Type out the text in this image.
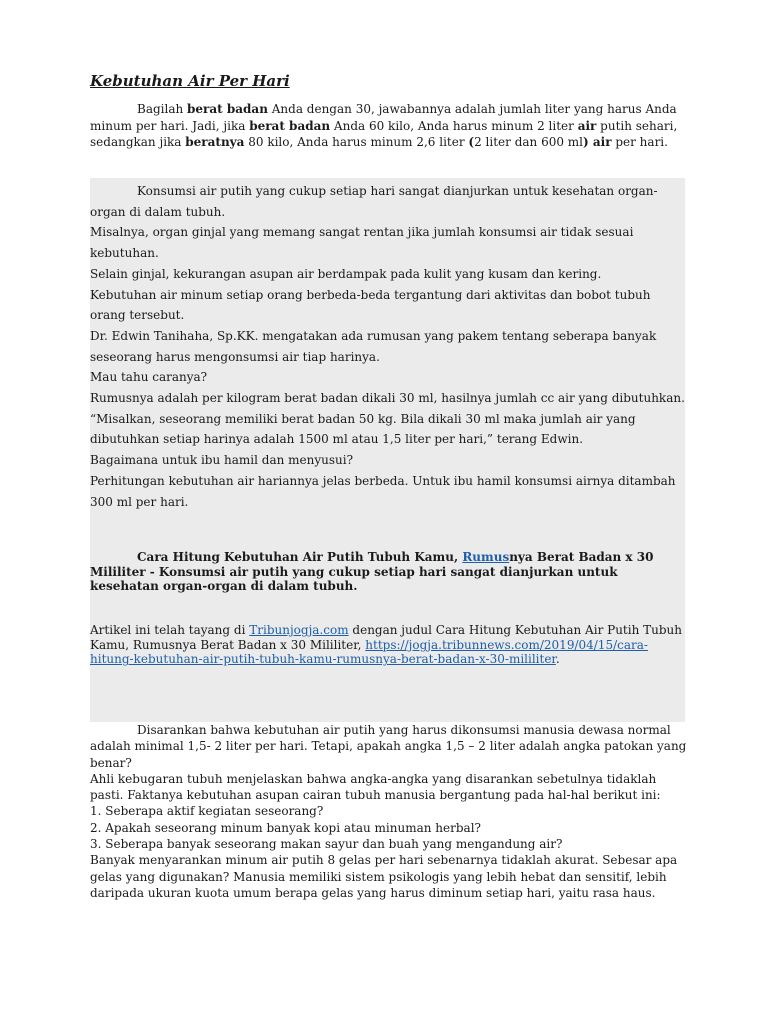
Kebutuhan Air Per Hari

Bagilah berat badan Anda dengan 30, jawabannya adalah jumlah liter yang harus Anda minum per hari. Jadi, jika berat badan Anda 60 kilo, Anda harus minum 2 liter air putih sehari, sedangkan jika beratnya 80 kilo, Anda harus minum 2,6 liter (2 liter dan 600 ml) air per hari.

Konsumsi air putih yang cukup setiap hari sangat dianjurkan untuk kesehatan organ-organ di dalam tubuh.

Misalnya, organ ginjal yang memang sangat rentan jika jumlah konsumsi air tidak sesuai kebutuhan.

Selain ginjal, kekurangan asupan air berdampak pada kulit yang kusam dan kering.

Kebutuhan air minum setiap orang berbeda-beda tergantung dari aktivitas dan bobot tubuh orang tersebut.

Dr. Edwin Tanihaha, Sp.KK. mengatakan ada rumusan yang pakem tentang seberapa banyak seseorang harus mengonsumsi air tiap harinya.

Mau tahu caranya?

Rumusnya adalah per kilogram berat badan dikali 30 ml, hasilnya jumlah cc air yang dibutuhkan.

“Misalkan, seseorang memiliki berat badan 50 kg. Bila dikali 30 ml maka jumlah air yang dibutuhkan setiap harinya adalah 1500 ml atau 1,5 liter per hari,” terang Edwin.

Bagaimana untuk ibu hamil dan menyusui?

Perhitungan kebutuhan air hariannya jelas berbeda. Untuk ibu hamil konsumsi airnya ditambah 300 ml per hari.

Cara Hitung Kebutuhan Air Putih Tubuh Kamu, Rumusnya Berat Badan x 30 Mililiter - Konsumsi air putih yang cukup setiap hari sangat dianjurkan untuk kesehatan organ-organ di dalam tubuh.

Artikel ini telah tayang di Tribunjogja.com dengan judul Cara Hitung Kebutuhan Air Putih Tubuh Kamu, Rumusnya Berat Badan x 30 Mililiter, https://jogja.tribunnews.com/2019/04/15/cara-hitung-kebutuhan-air-putih-tubuh-kamu-rumusnya-berat-badan-x-30-mililiter.

Disarankan bahwa kebutuhan air putih yang harus dikonsumsi manusia dewasa normal adalah minimal 1,5- 2 liter per hari. Tetapi, apakah angka 1,5 – 2 liter adalah angka patokan yang benar?

Ahli kebugaran tubuh menjelaskan bahwa angka-angka yang disarankan sebetulnya tidaklah pasti. Faktanya kebutuhan asupan cairan tubuh manusia bergantung pada hal-hal berikut ini:

1. Seberapa aktif kegiatan seseorang?

2. Apakah seseorang minum banyak kopi atau minuman herbal?

3. Seberapa banyak seseorang makan sayur dan buah yang mengandung air?

Banyak menyarankan minum air putih 8 gelas per hari sebenarnya tidaklah akurat. Sebesar apa gelas yang digunakan? Manusia memiliki sistem psikologis yang lebih hebat dan sensitif, lebih daripada ukuran kuota umum berapa gelas yang harus diminum setiap hari, yaitu rasa haus.
